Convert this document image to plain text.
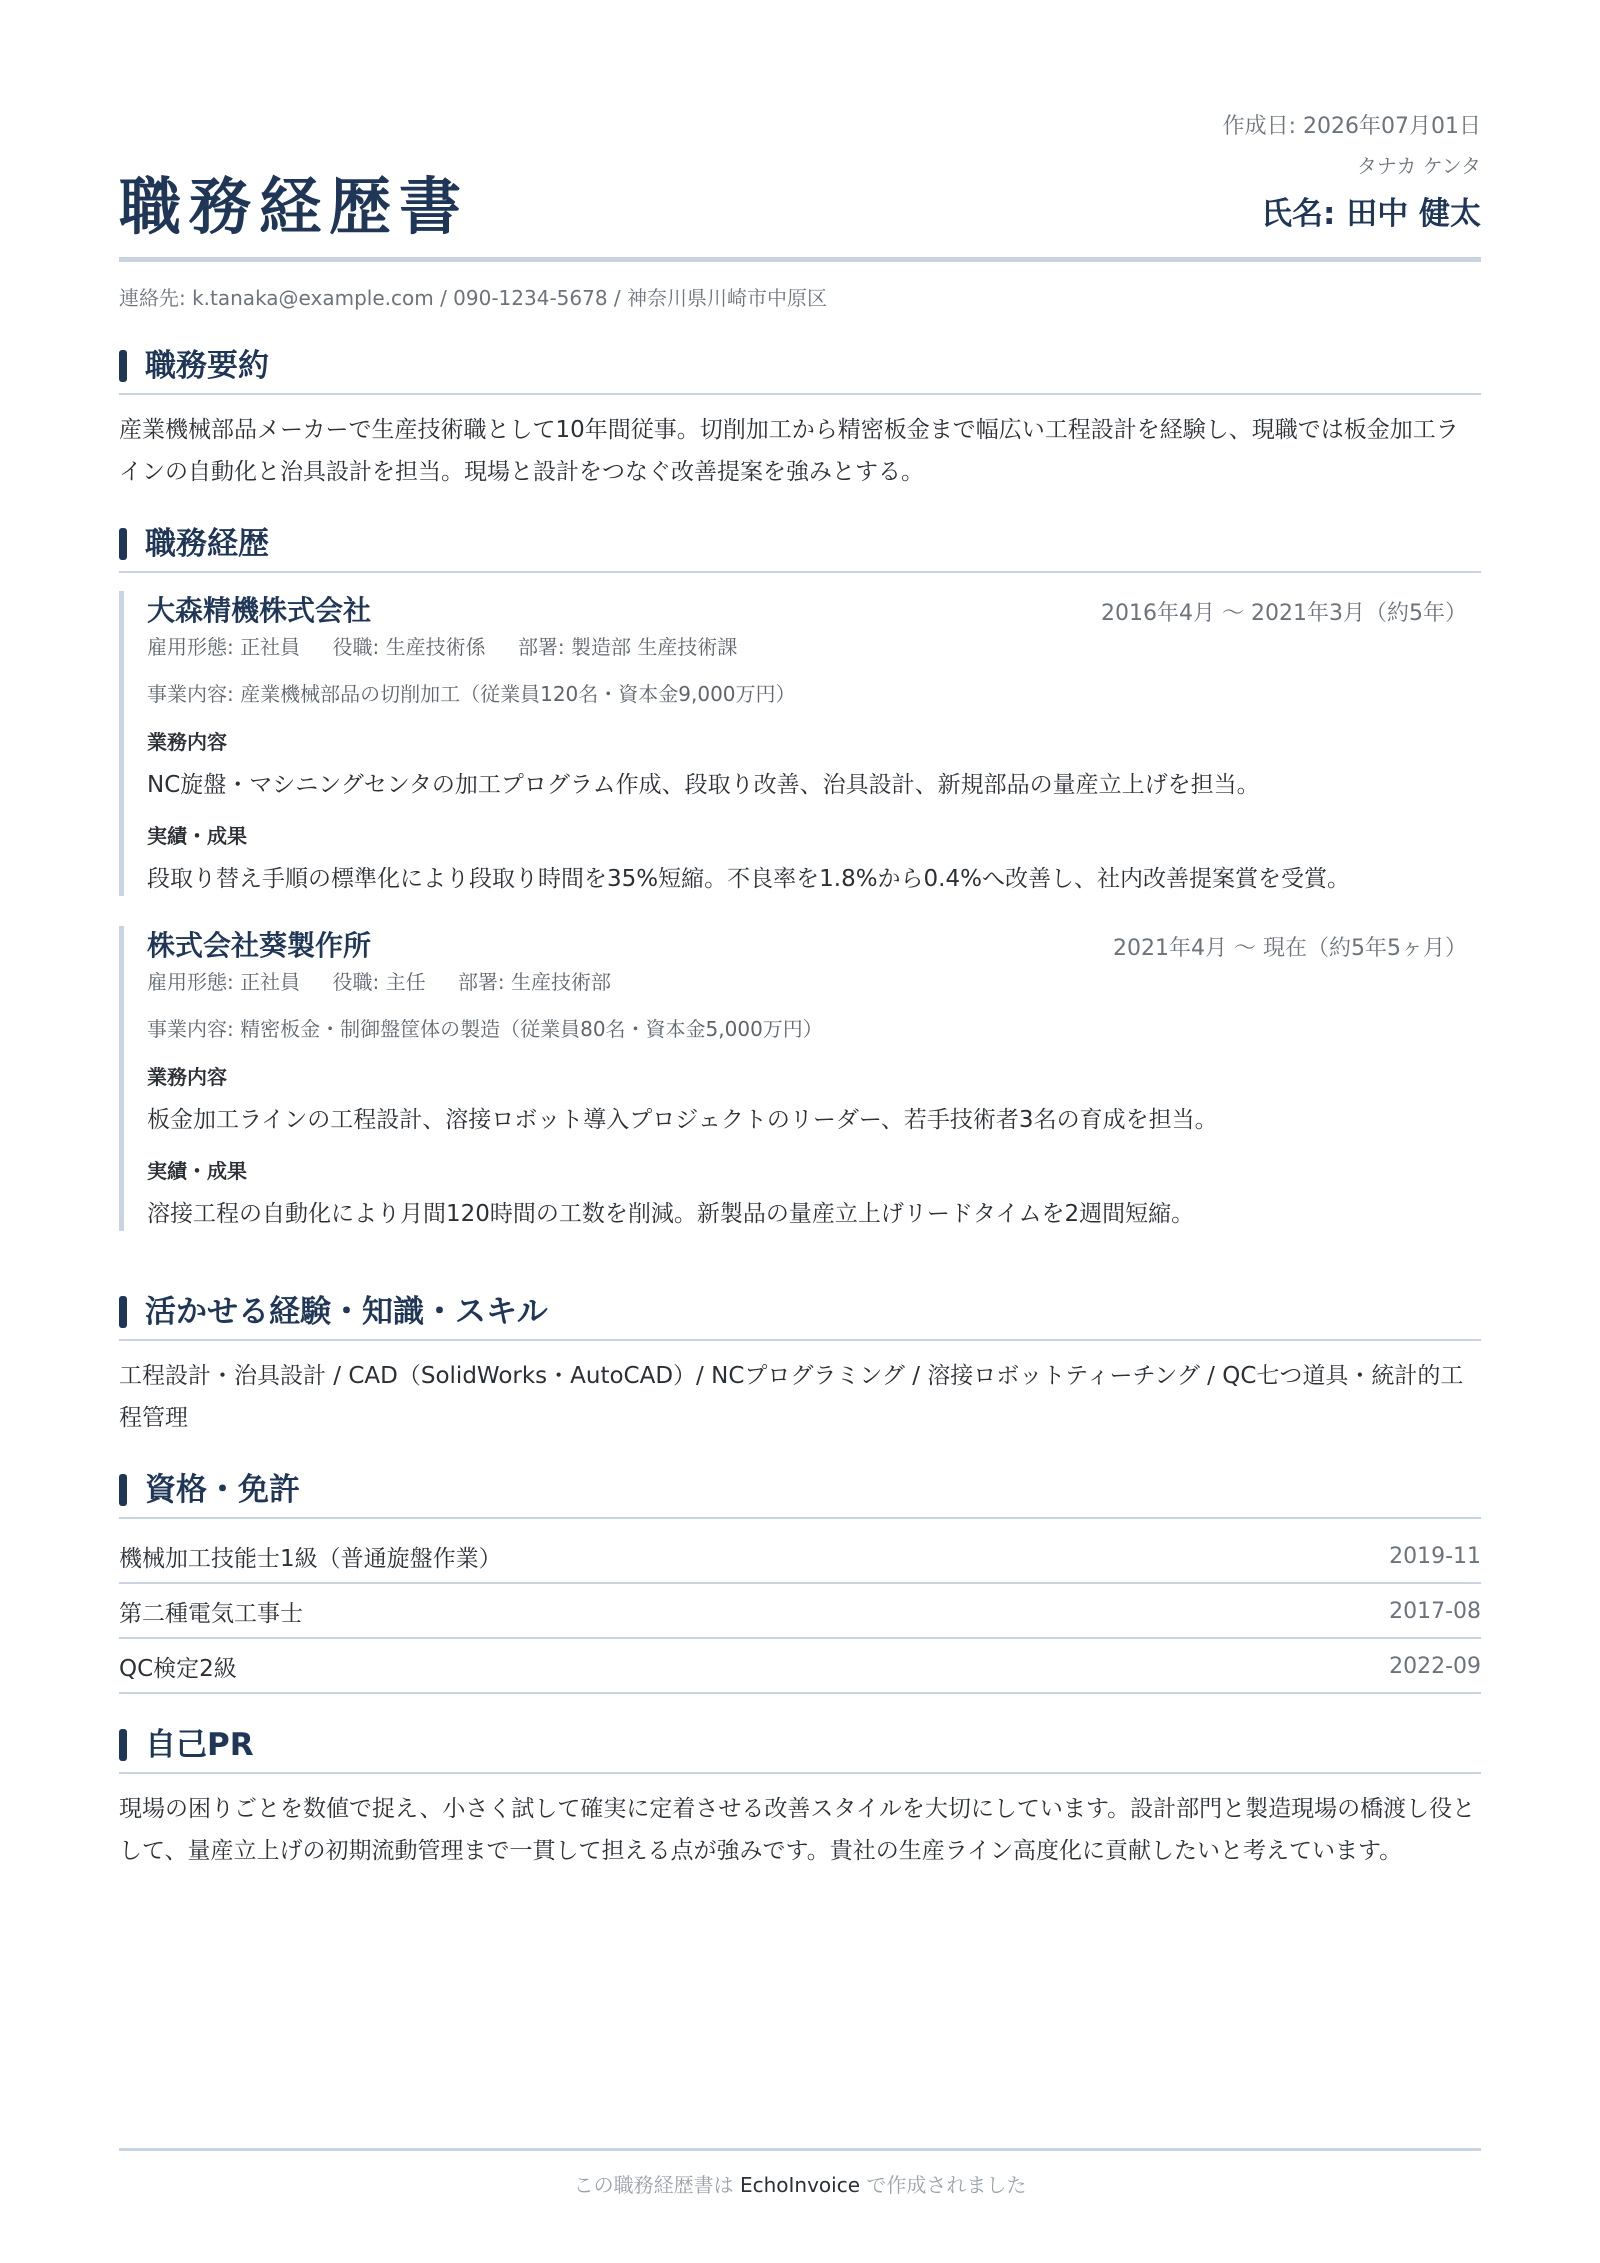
職務経歴書
作成日: 2026年07月01日
タナカ ケンタ
氏名: 田中 健太
連絡先: k.tanaka@example.com / 090-1234-5678 / 神奈川県川崎市中原区
職務要約
産業機械部品メーカーで生産技術職として10年間従事。切削加工から精密板金まで幅広い工程設計を経験し、現職では板金加工ラインの自動化と治具設計を担当。現場と設計をつなぐ改善提案を強みとする。
職務経歴
大森精機株式会社	2016年4月 〜 2021年3月（約5年）
雇用形態: 正社員 役職: 生産技術係 部署: 製造部 生産技術課
事業内容: 産業機械部品の切削加工（従業員120名・資本金9,000万円）
業務内容
NC旋盤・マシニングセンタの加工プログラム作成、段取り改善、治具設計、新規部品の量産立上げを担当。
実績・成果
段取り替え手順の標準化により段取り時間を35%短縮。不良率を1.8%から0.4%へ改善し、社内改善提案賞を受賞。
株式会社葵製作所	2021年4月 〜 現在（約5年5ヶ月）
雇用形態: 正社員 役職: 主任 部署: 生産技術部
事業内容: 精密板金・制御盤筐体の製造（従業員80名・資本金5,000万円）
業務内容
板金加工ラインの工程設計、溶接ロボット導入プロジェクトのリーダー、若手技術者3名の育成を担当。
実績・成果
溶接工程の自動化により月間120時間の工数を削減。新製品の量産立上げリードタイムを2週間短縮。
活かせる経験・知識・スキル
工程設計・治具設計 / CAD（SolidWorks・AutoCAD）/ NCプログラミング / 溶接ロボットティーチング / QC七つ道具・統計的工程管理
資格・免許
機械加工技能士1級（普通旋盤作業）	2019-11
第二種電気工事士	2017-08
QC検定2級	2022-09
自己PR
現場の困りごとを数値で捉え、小さく試して確実に定着させる改善スタイルを大切にしています。設計部門と製造現場の橋渡し役として、量産立上げの初期流動管理まで一貫して担える点が強みです。貴社の生産ライン高度化に貢献したいと考えています。
この職務経歴書は EchoInvoice で作成されました
